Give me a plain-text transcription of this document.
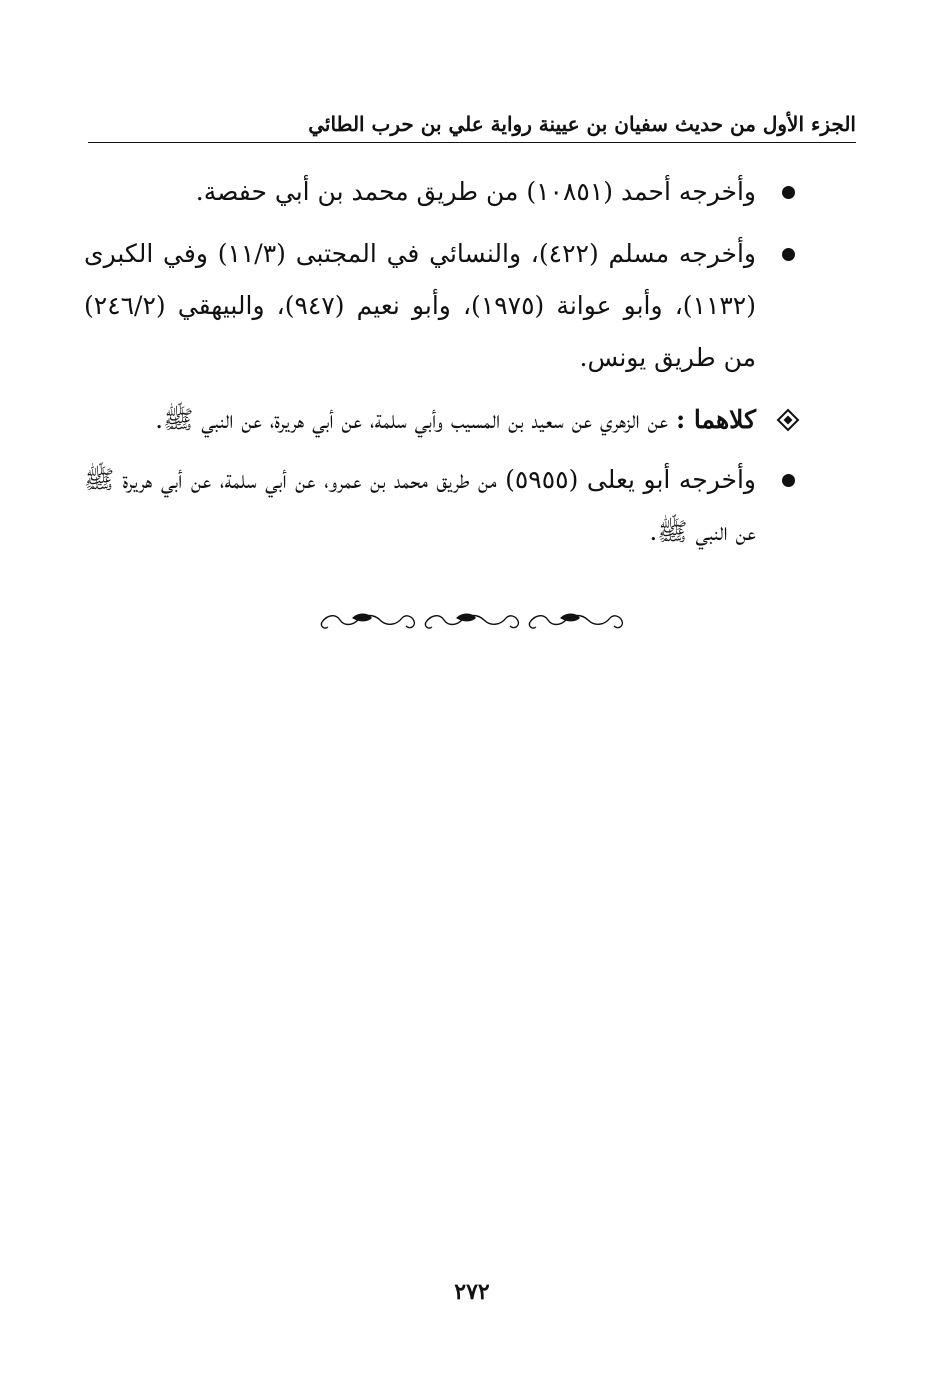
الجزء الأول من حديث سفيان بن عيينة رواية علي بن حرب الطائي
وأخرجه أحمد (١٠٨٥١) من طريق محمد بن أبي حفصة.
وأخرجه مسلم (٤٢٢)، والنسائي في المجتبى (١١/٣) وفي الكبرى (١١٣٢)، وأبو عوانة (١٩٧٥)، وأبو نعيم (٩٤٧)، والبيهقي (٢٤٦/٢) من طريق يونس.
كلاهما : عن الزهري عن سعيد بن المسيب وأبي سلمة، عن أبي هريرة، عن النبي ﷺ.
وأخرجه أبو يعلى (٥٩٥٥) من طريق محمد بن عمرو، عن أبي سلمة، عن أبي هريرة ﷺ عن النبي ﷺ.
٢٧٢
